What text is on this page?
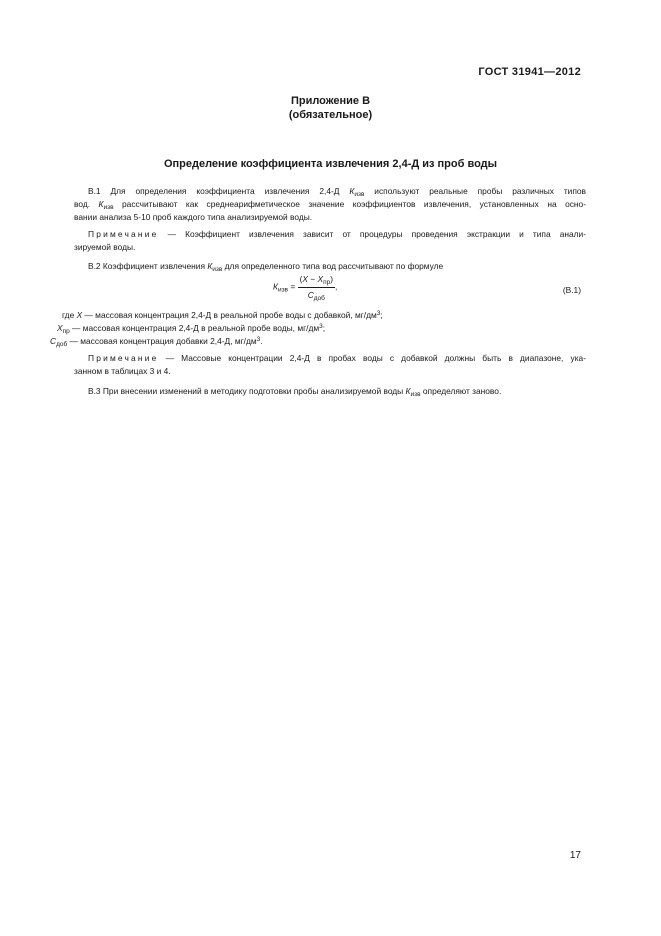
ГОСТ 31941—2012
Приложение В
(обязательное)
Определение коэффициента извлечения 2,4-Д из проб воды
В.1 Для определения коэффициента извлечения 2,4-Д $К_{изв}$ используют реальные пробы различных типов
вод. $К_{изв}$ рассчитывают как среднеарифметическое значение коэффициентов извлечения, установленных на осно-
вании анализа 5-10 проб каждого типа анализируемой воды.
Примечание — Коэффициент извлечения зависит от процедуры проведения экстракции и типа анали-
зируемой воды.
В.2 Коэффициент извлечения $К_{изв}$ для определенного типа вод рассчитывают по формуле
$К_{изв} = \frac{(X - X_{пр})}{С_{доб}}$ ,	(В.1)
где X — массовая концентрация 2,4-Д в реальной пробе воды с добавкой, $мг/дм^3$;
$X_{пр}$ — массовая концентрация 2,4-Д в реальной пробе воды, $мг/дм^3$;
$С_{доб}$ — массовая концентрация добавки 2,4-Д, $мг/дм^3$.
Примечание — Массовые концентрации 2,4-Д в пробах воды с добавкой должны быть в диапазоне, ука-
занном в таблицах 3 и 4.
В.3 При внесении изменений в методику подготовки пробы анализируемой воды $К_{изв}$ определяют заново.
17
